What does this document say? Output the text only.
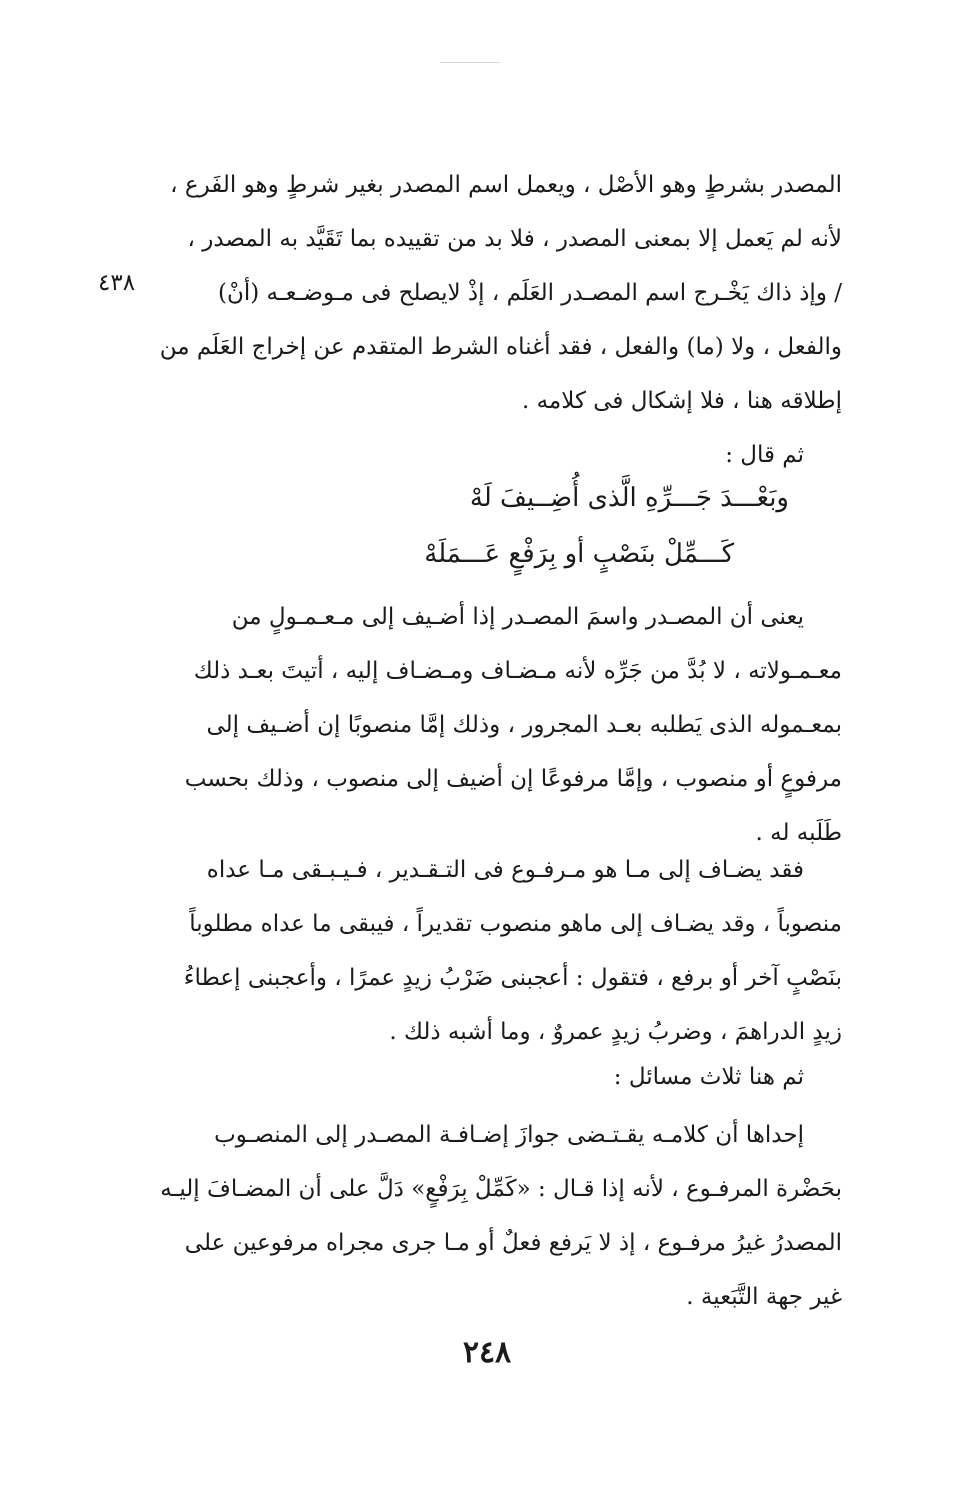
المصدر بشرطٍ وهو الأصْل ، ويعمل اسم المصدر بغير شرطٍ وهو الفَرع ،
لأنه لم يَعمل إلا بمعنى المصدر ، فلا بد من تقييده بما تَقَيَّد به المصدر ،
/ وإذ ذاك يَخْـرج اسم المصـدر العَلَم ، إذْ لايصلح فى مـوضـعـه (أنْ)
والفعل ، ولا (ما) والفعل ، فقد أغناه الشرط المتقدم عن إخراج العَلَم من
إطلاقه هنا ، فلا إشكال فى كلامه .
٤٣٨
ثم قال :
وبَعْـــدَ جَـــرِّهِ الَّذى أُضِــيفَ لَهْ
كَـــمِّلْ بنَصْبٍ أو بِرَفْعٍ عَـــمَلَهْ
يعنى أن المصـدر واسمَ المصـدر إذا أضـيف إلى مـعـمـولٍ من
معـمـولاته ، لا بُدَّ من جَرِّه لأنه مـضـاف ومـضـاف إليه ، أتيتَ بعـد ذلك
بمعـموله الذى يَطلبه بعـد المجرور ، وذلك إمَّا منصوبًا إن أضـيف إلى
مرفوعٍ أو منصوب ، وإمَّا مرفوعًا إن أضيف إلى منصوب ، وذلك بحسب
طَلَبه له .
فقد يضـاف إلى مـا هو مـرفـوع فى التـقـدير ، فـيـبـقى مـا عداه
منصوباً ، وقد يضـاف إلى ماهو منصوب تقديراً ، فيبقى ما عداه مطلوباً
بنَصْبٍ آخر أو برفع ، فتقول : أعجبنى ضَرْبُ زيدٍ عمرًا ، وأعجبنى إعطاءُ
زيدٍ الدراهمَ ، وضربُ زيدٍ عمروٌ ، وما أشبه ذلك .
ثم هنا ثلاث مسائل :
إحداها أن كلامـه يقـتـضى جوازَ إضـافـة المصـدر إلى المنصـوب
بحَضْرة المرفـوع ، لأنه إذا قـال : «كَمِّلْ بِرَفْعٍ» دَلَّ على أن المضـافَ إليـه
المصدرُ غيرُ مرفـوع ، إذ لا يَرفع فعلٌ أو مـا جرى مجراه مرفوعين على
غير جهة التَّبَعية .
٢٤٨
